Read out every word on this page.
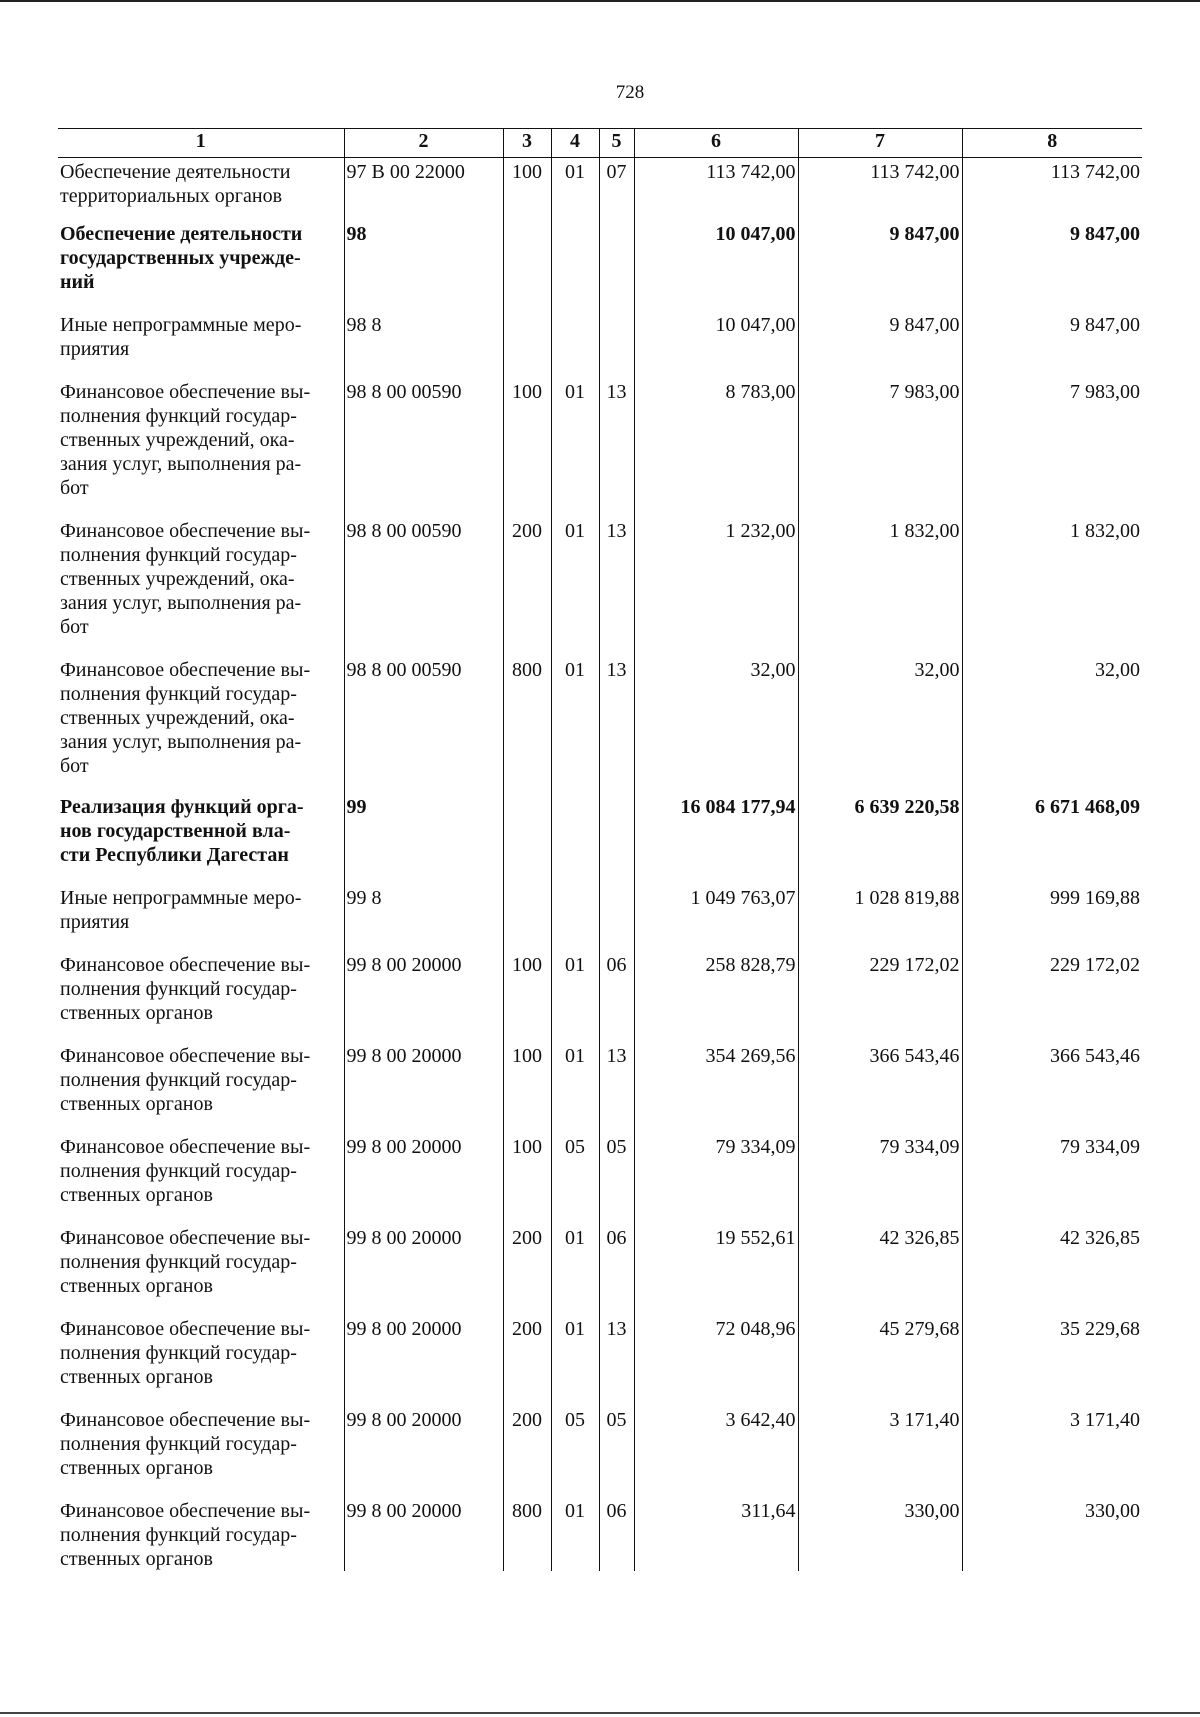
728
1	2	3	4	5	6	7	8

Обеспечение деятельности
территориальных органов	97 В 00 22000	100	01	07	113 742,00	113 742,00	113 742,00

Обеспечение деятельности
государственных учрежде-
ний	98				10 047,00	9 847,00	9 847,00

Иные непрограммные меро-
приятия	98 8				10 047,00	9 847,00	9 847,00

Финансовое обеспечение вы-
полнения функций государ-
ственных учреждений, ока-
зания услуг, выполнения ра-
бот	98 8 00 00590	100	01	13	8 783,00	7 983,00	7 983,00

Финансовое обеспечение вы-
полнения функций государ-
ственных учреждений, ока-
зания услуг, выполнения ра-
бот	98 8 00 00590	200	01	13	1 232,00	1 832,00	1 832,00

Финансовое обеспечение вы-
полнения функций государ-
ственных учреждений, ока-
зания услуг, выполнения ра-
бот	98 8 00 00590	800	01	13	32,00	32,00	32,00

Реализация функций орга-
нов государственной вла-
сти Республики Дагестан	99				16 084 177,94	6 639 220,58	6 671 468,09

Иные непрограммные меро-
приятия	99 8				1 049 763,07	1 028 819,88	999 169,88

Финансовое обеспечение вы-
полнения функций государ-
ственных органов	99 8 00 20000	100	01	06	258 828,79	229 172,02	229 172,02

Финансовое обеспечение вы-
полнения функций государ-
ственных органов	99 8 00 20000	100	01	13	354 269,56	366 543,46	366 543,46

Финансовое обеспечение вы-
полнения функций государ-
ственных органов	99 8 00 20000	100	05	05	79 334,09	79 334,09	79 334,09

Финансовое обеспечение вы-
полнения функций государ-
ственных органов	99 8 00 20000	200	01	06	19 552,61	42 326,85	42 326,85

Финансовое обеспечение вы-
полнения функций государ-
ственных органов	99 8 00 20000	200	01	13	72 048,96	45 279,68	35 229,68

Финансовое обеспечение вы-
полнения функций государ-
ственных органов	99 8 00 20000	200	05	05	3 642,40	3 171,40	3 171,40

Финансовое обеспечение вы-
полнения функций государ-
ственных органов	99 8 00 20000	800	01	06	311,64	330,00	330,00
